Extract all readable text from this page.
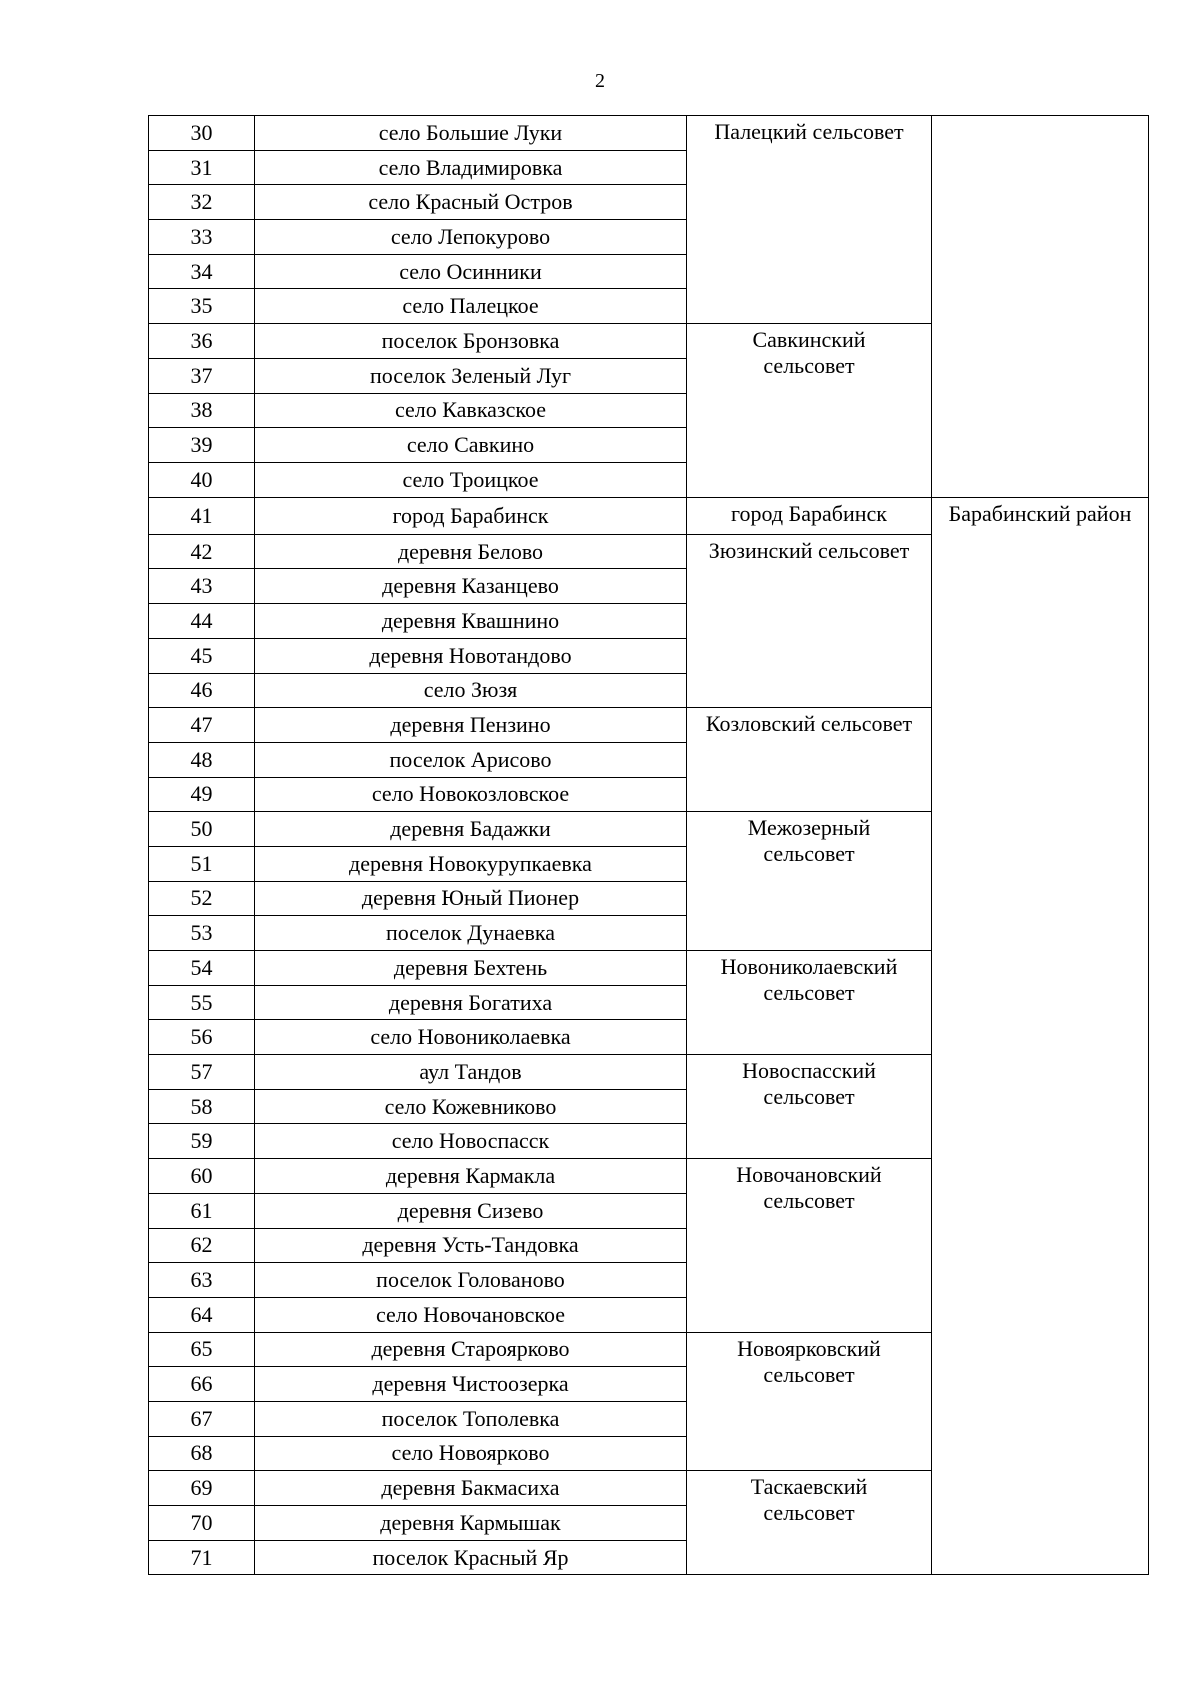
2
30	село Большие Луки	Палецкий сельсовет	

31	село Владимировка		
32	село Красный Остров		
33	село Лепокурово		
34	село Осинники		
35	село Палецкое		
36	поселок Бронзовка	Савкинский
сельсовет	

37	поселок Зеленый Луг		
38	село Кавказское		
39	село Савкино		
40	село Троицкое		
41	город Барабинск	город Барабинск	Барабинский район

42	деревня Белово	Зюзинский сельсовет	

43	деревня Казанцево		
44	деревня Квашнино		
45	деревня Новотандово		
46	село Зюзя		
47	деревня Пензино	Козловский сельсовет	

48	поселок Арисово		
49	село Новокозловское		
50	деревня Бадажки	Межозерный
сельсовет	

51	деревня Новокурупкаевка		
52	деревня Юный Пионер		
53	поселок Дунаевка		
54	деревня Бехтень	Новониколаевский
сельсовет	

55	деревня Богатиха		
56	село Новониколаевка		
57	аул Тандов	Новоспасский
сельсовет	

58	село Кожевниково		
59	село Новоспасск		
60	деревня Кармакла	Новочановский
сельсовет	

61	деревня Сизево		
62	деревня Усть-Тандовка		
63	поселок Голованово		
64	село Новочановское		
65	деревня Староярково	Новоярковский
сельсовет	

66	деревня Чистоозерка		
67	поселок Тополевка		
68	село Новоярково		
69	деревня Бакмасиха	Таскаевский
сельсовет	

70	деревня Кармышак		
71	поселок Красный Яр		
